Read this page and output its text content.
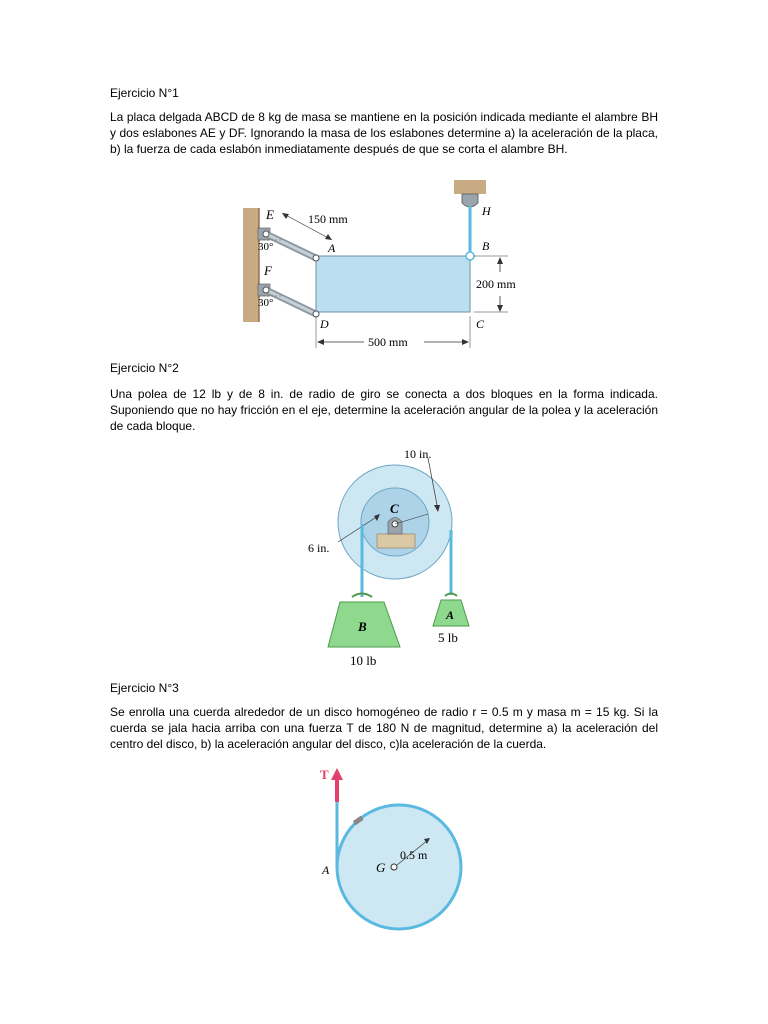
Ejercicio N°1

La placa delgada ABCD de 8 kg de masa se mantiene en la posición indicada mediante el alambre BH y dos eslabones AE y DF. Ignorando la masa de los eslabones determine a) la aceleración de la placa, b) la fuerza de cada eslabón inmediatamente después de que se corta el alambre BH.

30°
30°
150 mm
E
A
F
D
B
C
H
200 mm
500 mm
Ejercicio N°2

Una polea de 12 lb y de 8 in. de radio de giro se conecta a dos bloques en la forma indicada. Suponiendo que no hay fricción en el eje, determine la aceleración angular de la polea y la aceleración de cada bloque.

C
10 in.
6 in.
B
10 lb
A
5 lb
Ejercicio N°3

Se enrolla una cuerda alrededor de un disco homogéneo de radio r = 0.5 m y masa m = 15 kg. Si la cuerda se jala hacia arriba con una fuerza T de 180 N de magnitud, determine a) la aceleración del centro del disco, b) la aceleración angular del disco, c)la aceleración de la cuerda.

T
0.5 m
G
A
